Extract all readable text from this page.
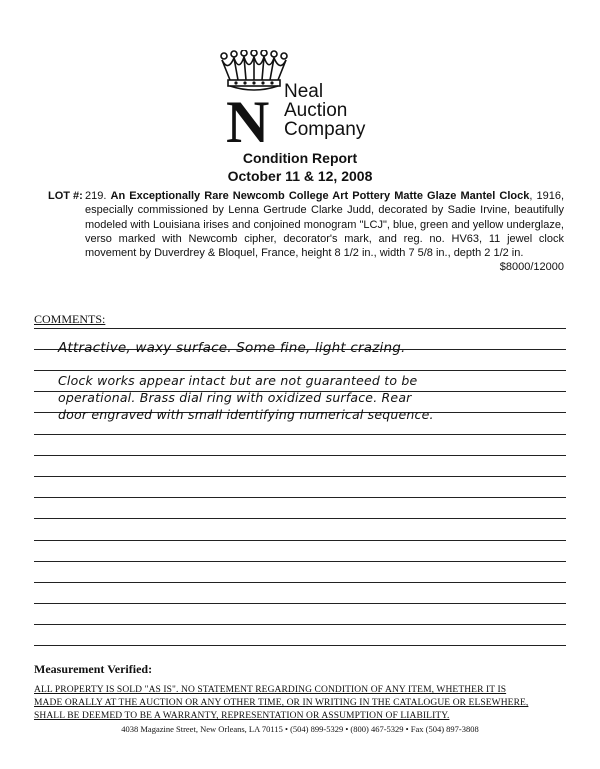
N Neal
Auction
Company
Condition Report
October 11 & 12, 2008
LOT #: 219. An Exceptionally Rare Newcomb College Art Pottery Matte Glaze Mantel Clock, 1916, especially commissioned by Lenna Gertrude Clarke Judd, decorated by Sadie Irvine, beautifully modeled with Louisiana irises and conjoined monogram "LCJ", blue, green and yellow underglaze, verso marked with Newcomb cipher, decorator's mark, and reg. no. HV63, 11 jewel clock movement by Duverdrey & Bloquel, France, height 8 1/2 in., width 7 5/8 in., depth 2 1/2 in.
$8000/12000
COMMENTS:
Attractive, waxy surface. Some fine, light crazing.
Clock works appear intact but are not guaranteed to be
operational. Brass dial ring with oxidized surface. Rear
door engraved with small identifying numerical sequence.
Measurement Verified:
ALL PROPERTY IS SOLD "AS IS". NO STATEMENT REGARDING CONDITION OF ANY ITEM, WHETHER IT IS
MADE ORALLY AT THE AUCTION OR ANY OTHER TIME, OR IN WRITING IN THE CATALOGUE OR ELSEWHERE,
SHALL BE DEEMED TO BE A WARRANTY, REPRESENTATION OR ASSUMPTION OF LIABILITY.
4038 Magazine Street, New Orleans, LA 70115 • (504) 899-5329 • (800) 467-5329 • Fax (504) 897-3808
